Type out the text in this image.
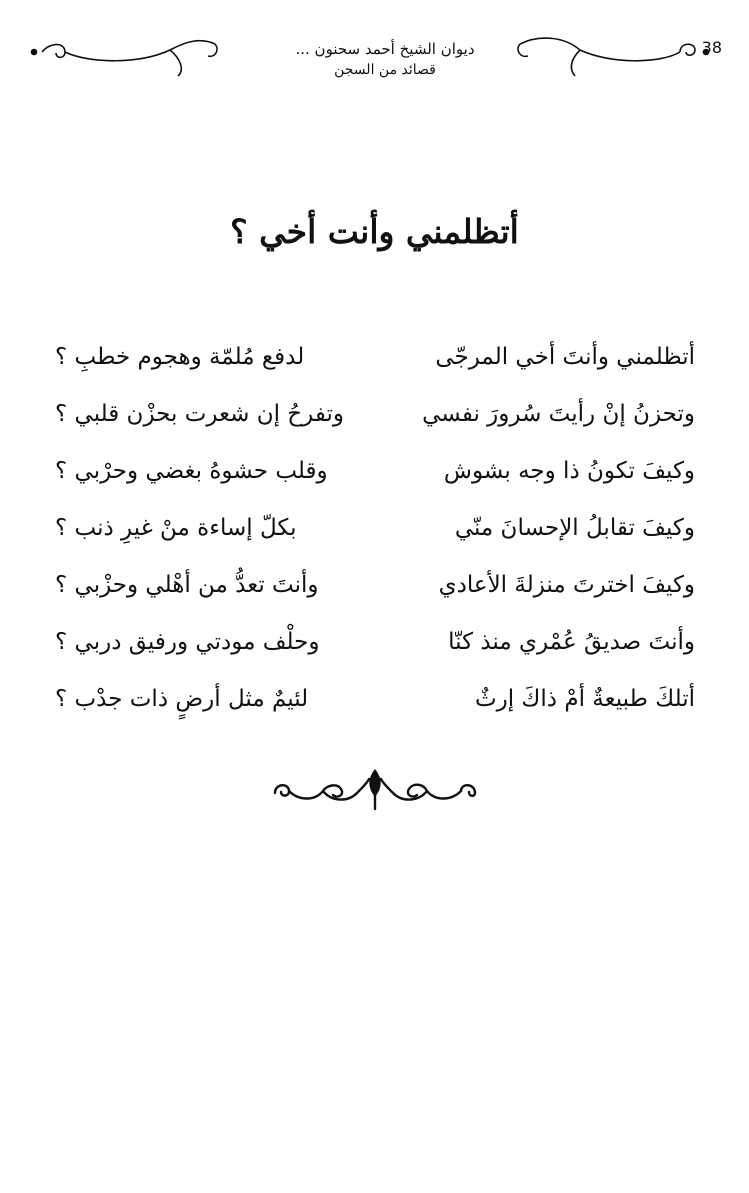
38
ديوان الشيخ أحمد سحنون ...
قصائد من السجن
أتظلمني وأنت أخي ؟
أتظلمني وأنتَ أخي المرجّى
لدفع مُلمّة وهجوم خطبِ ؟
وتحزنُ إنْ رأيتَ سُرورَ نفسي
وتفرحُ إن شعرت بحزْن قلبي ؟
وكيفَ تكونُ ذا وجه بشوش
وقلب حشوهُ بغضي وحرْبي ؟
وكيفَ تقابلُ الإحسانَ منّي
بكلّ إساءة منْ غيرِ ذنب ؟
وكيفَ اخترتَ منزلةَ الأعادي
وأنتَ تعدُّ من أهْلي وحزْبي ؟
وأنتَ صديقُ عُمْري منذ كنّا
وحلْف مودتي ورفيق دربي ؟
أتلكَ طبيعةٌ أمْ ذاكَ إرثٌ
لئيمٌ مثل أرضٍ ذات جدْب ؟
